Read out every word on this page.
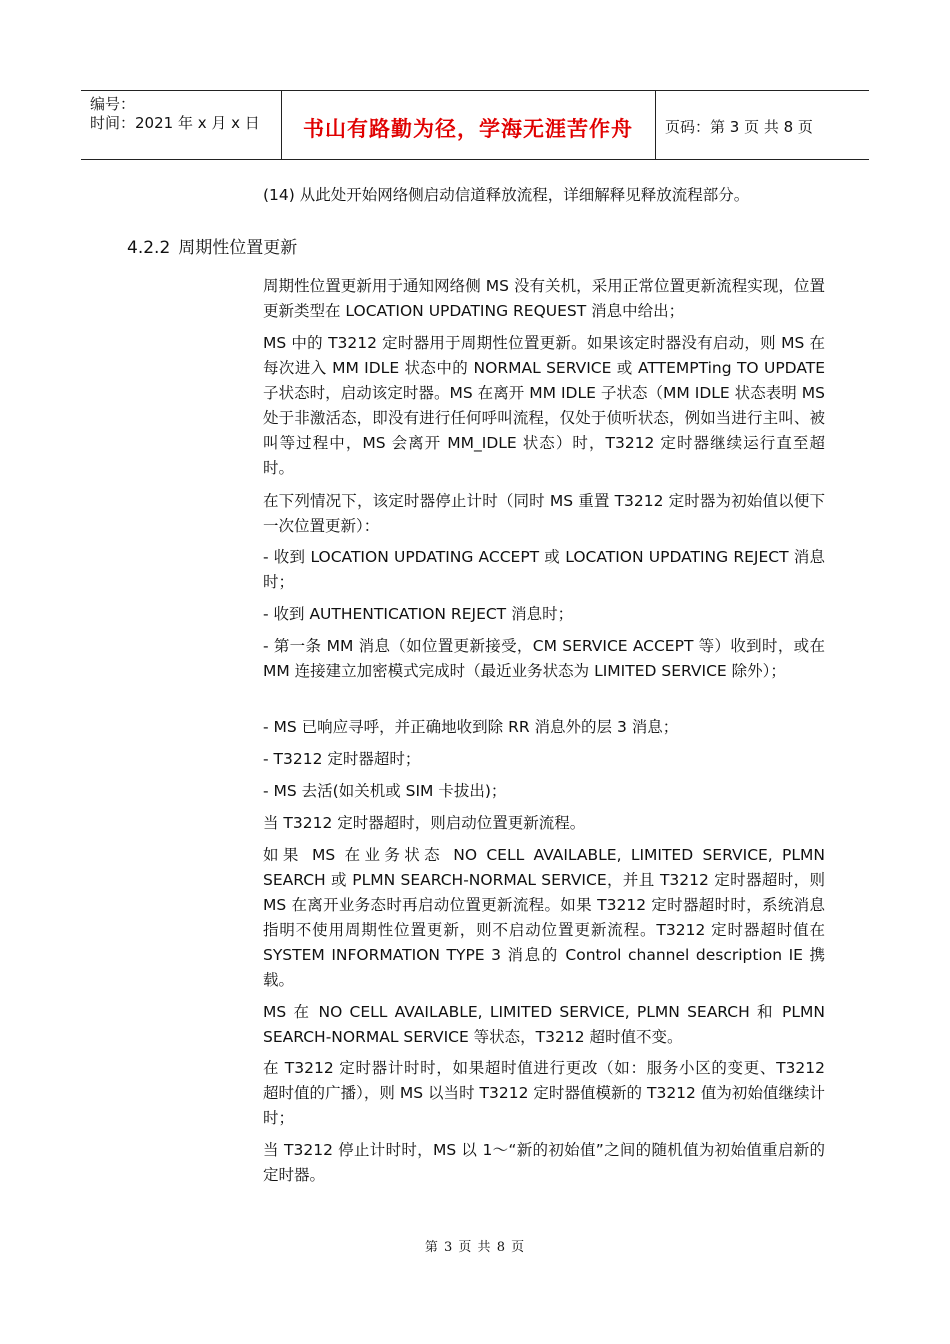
编号：
时间：2021 年 x 月 x 日	书山有路勤为径，学海无涯苦作舟	页码：第 3 页 共 8 页

(14) 从此处开始网络侧启动信道释放流程，详细解释见释放流程部分。

4.2.2 周期性位置更新

周期性位置更新用于通知网络侧 MS 没有关机，采用正常位置更新流程实现，位置更新类型在 LOCATION UPDATING REQUEST 消息中给出；

MS 中的 T3212 定时器用于周期性位置更新。如果该定时器没有启动，则 MS 在每次进入 MM IDLE 状态中的 NORMAL SERVICE 或 ATTEMPTing TO UPDATE 子状态时，启动该定时器。MS 在离开 MM IDLE 子状态（MM IDLE 状态表明 MS 处于非激活态，即没有进行任何呼叫流程，仅处于侦听状态，例如当进行主叫、被叫等过程中，MS 会离开 MM_IDLE 状态）时，T3212 定时器继续运行直至超时。

在下列情况下，该定时器停止计时（同时 MS 重置 T3212 定时器为初始值以便下一次位置更新）：

- 收到 LOCATION UPDATING ACCEPT 或 LOCATION UPDATING REJECT 消息时；

- 收到 AUTHENTICATION REJECT 消息时；

- 第一条 MM 消息（如位置更新接受，CM SERVICE ACCEPT 等）收到时，或在 MM 连接建立加密模式完成时（最近业务状态为 LIMITED SERVICE 除外）；

- MS 已响应寻呼，并正确地收到除 RR 消息外的层 3 消息；

- T3212 定时器超时；

- MS 去活(如关机或 SIM 卡拔出)；

当 T3212 定时器超时，则启动位置更新流程。

如果 MS 在业务状态 NO CELL AVAILABLE, LIMITED SERVICE, PLMN SEARCH 或 PLMN SEARCH-NORMAL SERVICE，并且 T3212 定时器超时，则 MS 在离开业务态时再启动位置更新流程。如果 T3212 定时器超时时，系统消息指明不使用周期性位置更新，则不启动位置更新流程。T3212 定时器超时值在 SYSTEM INFORMATION TYPE 3 消息的 Control channel description IE 携载。

MS 在 NO CELL AVAILABLE, LIMITED SERVICE, PLMN SEARCH 和 PLMN SEARCH-NORMAL SERVICE 等状态，T3212 超时值不变。

在 T3212 定时器计时时，如果超时值进行更改（如：服务小区的变更、T3212 超时值的广播），则 MS 以当时 T3212 定时器值模新的 T3212 值为初始值继续计时；

当 T3212 停止计时时，MS 以 1～“新的初始值”之间的随机值为初始值重启新的定时器。

第 3 页 共 8 页
